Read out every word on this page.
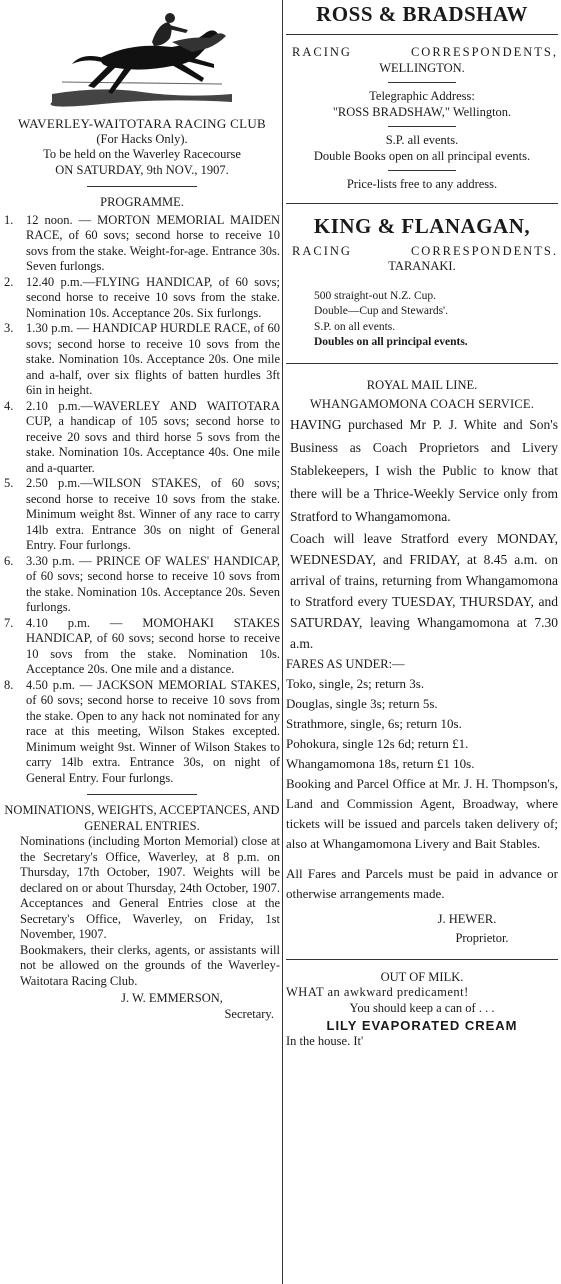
WAVERLEY-WAITOTARA RACING CLUB
(For Hacks Only).
To be held on the Waverley Racecourse
ON SATURDAY, 9th NOV., 1907.
PROGRAMME.
1.	12 noon. — MORTON MEMORIAL MAIDEN RACE, of 60 sovs; second horse to receive 10 sovs from the stake. Weight-for-age. Entrance 30s. Seven furlongs.
2.	12.40 p.m.—FLYING HANDICAP, of 60 sovs; second horse to receive 10 sovs from the stake. Nomination 10s. Acceptance 20s. Six furlongs.
3.	1.30 p.m. — HANDICAP HURDLE RACE, of 60 sovs; second horse to receive 10 sovs from the stake. Nomination 10s. Acceptance 20s. One mile and a-half, over six flights of batten hurdles 3ft 6in in height.
4.	2.10 p.m.—WAVERLEY AND WAITOTARA CUP, a handicap of 105 sovs; second horse to receive 20 sovs and third horse 5 sovs from the stake. Nomination 10s. Acceptance 40s. One mile and a-quarter.
5.	2.50 p.m.—WILSON STAKES, of 60 sovs; second horse to receive 10 sovs from the stake. Minimum weight 8st. Winner of any race to carry 14lb extra. Entrance 30s on night of General Entry. Four furlongs.
6.	3.30 p.m. — PRINCE OF WALES' HANDICAP, of 60 sovs; second horse to receive 10 sovs from the stake. Nomination 10s. Acceptance 20s. Seven furlongs.
7.	4.10 p.m. — MOMOHAKI STAKES HANDICAP, of 60 sovs; second horse to receive 10 sovs from the stake. Nomination 10s. Acceptance 20s. One mile and a distance.
8.	4.50 p.m. — JACKSON MEMORIAL STAKES, of 60 sovs; second horse to receive 10 sovs from the stake. Open to any hack not nominated for any race at this meeting, Wilson Stakes excepted. Minimum weight 9st. Winner of Wilson Stakes to carry 14lb extra. Entrance 30s, on night of General Entry. Four furlongs.
NOMINATIONS, WEIGHTS, ACCEPTANCES, AND GENERAL ENTRIES.
Nominations (including Morton Memorial) close at the Secretary's Office, Waverley, at 8 p.m. on Thursday, 17th October, 1907. Weights will be declared on or about Thursday, 24th October, 1907. Acceptances and General Entries close at the Secretary's Office, Waverley, on Friday, 1st November, 1907.
Bookmakers, their clerks, agents, or assistants will not be allowed on the grounds of the Waverley-Waitotara Racing Club.
J. W. EMMERSON,
Secretary.
ROSS & BRADSHAW
RACING	CORRESPONDENTS,
WELLINGTON.
Telegraphic Address:
"ROSS BRADSHAW," Wellington.
S.P. all events.
Double Books open on all principal events.
Price-lists free to any address.
KING & FLANAGAN,
RACING	CORRESPONDENTS.
TARANAKI.
500 straight-out N.Z. Cup.
Double—Cup and Stewards'.
S.P. on all events.
Doubles on all principal events.
ROYAL MAIL LINE.
WHANGAMOMONA COACH SERVICE.
HAVING purchased Mr P. J. White and Son's Business as Coach Proprietors and Livery Stablekeepers, I wish the Public to know that there will be a Thrice-Weekly Service only from Stratford to Whangamomona.
Coach will leave Stratford every MONDAY, WEDNESDAY, and FRIDAY, at 8.45 a.m. on arrival of trains, returning from Whangamomona to Stratford every TUESDAY, THURSDAY, and SATURDAY, leaving Whangamomona at 7.30 a.m.
FARES AS UNDER:—
Toko, single, 2s; return 3s.
Douglas, single 3s; return 5s.
Strathmore, single, 6s; return 10s.
Pohokura, single 12s 6d; return £1.
Whangamomona 18s, return £1 10s.
Booking and Parcel Office at Mr. J. H. Thompson's, Land and Commission Agent, Broadway, where tickets will be issued and parcels taken delivery of; also at Whangamomona Livery and Bait Stables.
All Fares and Parcels must be paid in advance or otherwise arrangements made.
J. HEWER.
Proprietor.
OUT OF MILK.
WHAT an awkward predicament!
You should keep a can of . . .
LILY EVAPORATED CREAM
In the house. It'
